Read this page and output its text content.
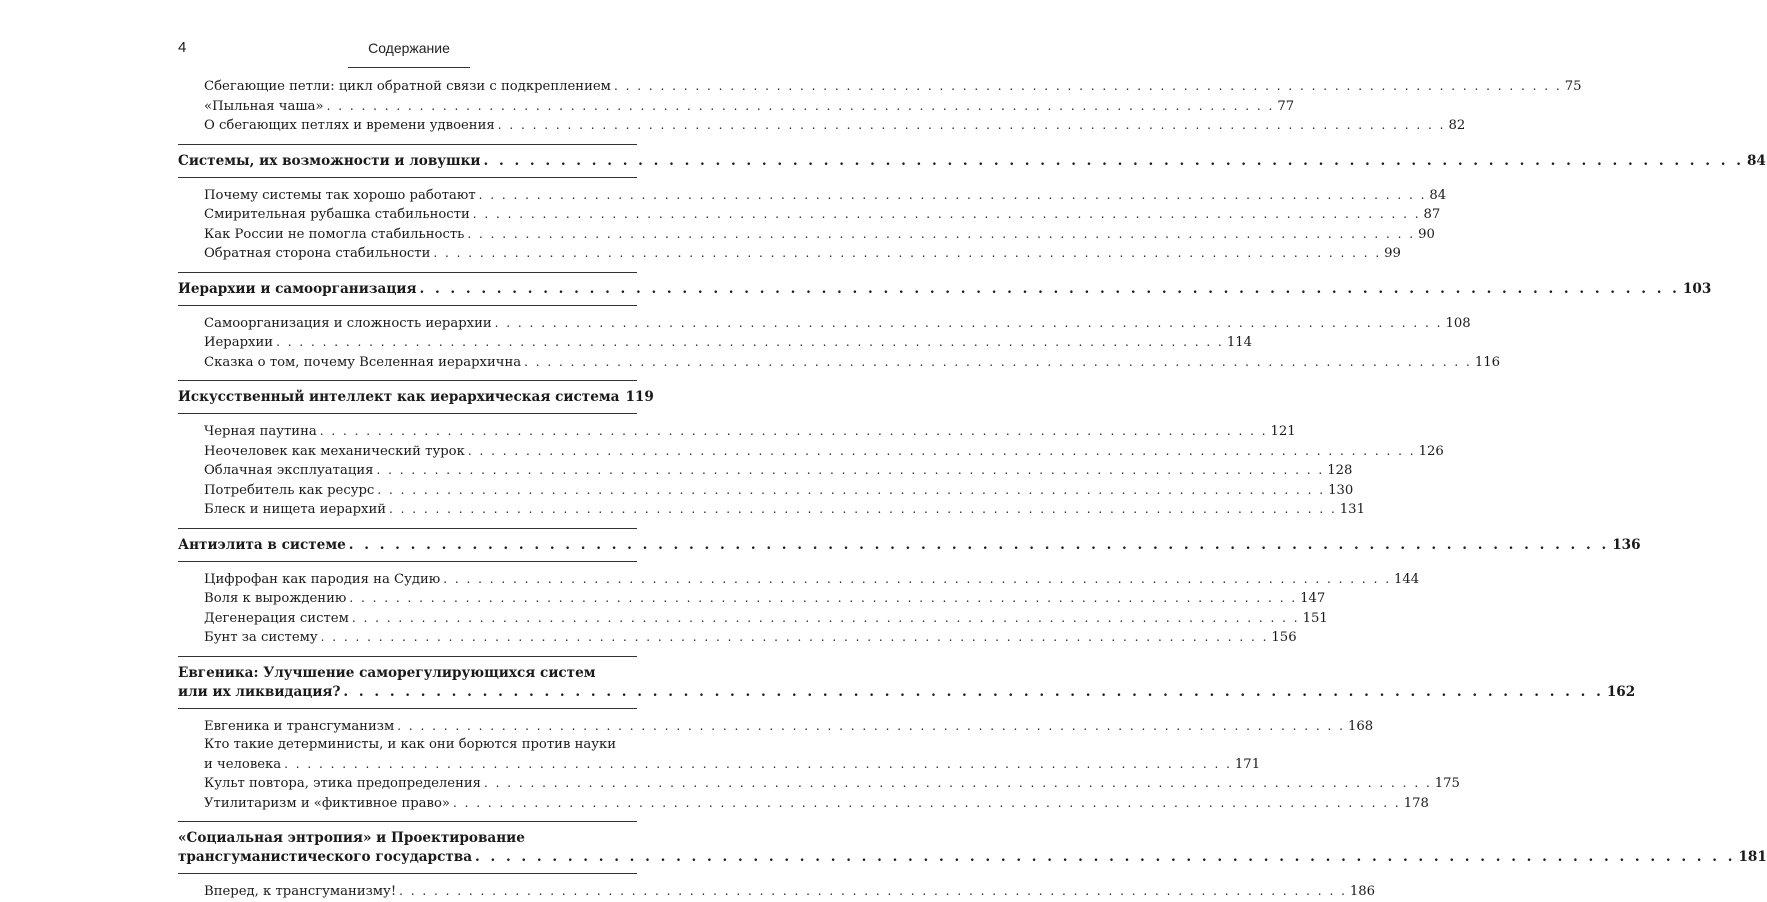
4	Содержание
Сбегающие петли: цикл обратной связи с подкреплением . . . . . . . . . . . . . . . . . . . . . . . . . . . . . . . . . . . . . . . . . . . . . . . . . . . . . . . . . . . . . . . . . . . . . . . . . . . . . . . . . . 75
«Пыльная чаша» . . . . . . . . . . . . . . . . . . . . . . . . . . . . . . . . . . . . . . . . . . . . . . . . . . . . . . . . . . . . . . . . . . . . . . . . . . . . . . . . . . 77
О сбегающих петлях и времени удвоения . . . . . . . . . . . . . . . . . . . . . . . . . . . . . . . . . . . . . . . . . . . . . . . . . . . . . . . . . . . . . . . . . . . . . . . . . . . . . . . . . . 82
Системы, их возможности и ловушки . . . . . . . . . . . . . . . . . . . . . . . . . . . . . . . . . . . . . . . . . . . . . . . . . . . . . . . . . . . . . . . . . . . . . . . . . . . . . . . . . . 84
Почему системы так хорошо работают . . . . . . . . . . . . . . . . . . . . . . . . . . . . . . . . . . . . . . . . . . . . . . . . . . . . . . . . . . . . . . . . . . . . . . . . . . . . . . . . . . 84
Смирительная рубашка стабильности . . . . . . . . . . . . . . . . . . . . . . . . . . . . . . . . . . . . . . . . . . . . . . . . . . . . . . . . . . . . . . . . . . . . . . . . . . . . . . . . . . 87
Как России не помогла стабильность . . . . . . . . . . . . . . . . . . . . . . . . . . . . . . . . . . . . . . . . . . . . . . . . . . . . . . . . . . . . . . . . . . . . . . . . . . . . . . . . . . 90
Обратная сторона стабильности . . . . . . . . . . . . . . . . . . . . . . . . . . . . . . . . . . . . . . . . . . . . . . . . . . . . . . . . . . . . . . . . . . . . . . . . . . . . . . . . . . 99
Иерархии и самоорганизация . . . . . . . . . . . . . . . . . . . . . . . . . . . . . . . . . . . . . . . . . . . . . . . . . . . . . . . . . . . . . . . . . . . . . . . . . . . . . . . . . . 103
Самоорганизация и сложность иерархии . . . . . . . . . . . . . . . . . . . . . . . . . . . . . . . . . . . . . . . . . . . . . . . . . . . . . . . . . . . . . . . . . . . . . . . . . . . . . . . . . . 108
Иерархии . . . . . . . . . . . . . . . . . . . . . . . . . . . . . . . . . . . . . . . . . . . . . . . . . . . . . . . . . . . . . . . . . . . . . . . . . . . . . . . . . . 114
Сказка о том, почему Вселенная иерархична . . . . . . . . . . . . . . . . . . . . . . . . . . . . . . . . . . . . . . . . . . . . . . . . . . . . . . . . . . . . . . . . . . . . . . . . . . . . . . . . . . 116
Искусственный интеллект как иерархическая система 119
Черная паутина . . . . . . . . . . . . . . . . . . . . . . . . . . . . . . . . . . . . . . . . . . . . . . . . . . . . . . . . . . . . . . . . . . . . . . . . . . . . . . . . . . 121
Неочеловек как механический турок . . . . . . . . . . . . . . . . . . . . . . . . . . . . . . . . . . . . . . . . . . . . . . . . . . . . . . . . . . . . . . . . . . . . . . . . . . . . . . . . . . 126
Облачная эксплуатация . . . . . . . . . . . . . . . . . . . . . . . . . . . . . . . . . . . . . . . . . . . . . . . . . . . . . . . . . . . . . . . . . . . . . . . . . . . . . . . . . . 128
Потребитель как ресурс . . . . . . . . . . . . . . . . . . . . . . . . . . . . . . . . . . . . . . . . . . . . . . . . . . . . . . . . . . . . . . . . . . . . . . . . . . . . . . . . . . 130
Блеск и нищета иерархий . . . . . . . . . . . . . . . . . . . . . . . . . . . . . . . . . . . . . . . . . . . . . . . . . . . . . . . . . . . . . . . . . . . . . . . . . . . . . . . . . . 131
Антиэлита в системе . . . . . . . . . . . . . . . . . . . . . . . . . . . . . . . . . . . . . . . . . . . . . . . . . . . . . . . . . . . . . . . . . . . . . . . . . . . . . . . . . . 136
Цифрофан как пародия на Судию . . . . . . . . . . . . . . . . . . . . . . . . . . . . . . . . . . . . . . . . . . . . . . . . . . . . . . . . . . . . . . . . . . . . . . . . . . . . . . . . . . 144
Воля к вырождению . . . . . . . . . . . . . . . . . . . . . . . . . . . . . . . . . . . . . . . . . . . . . . . . . . . . . . . . . . . . . . . . . . . . . . . . . . . . . . . . . . 147
Дегенерация систем . . . . . . . . . . . . . . . . . . . . . . . . . . . . . . . . . . . . . . . . . . . . . . . . . . . . . . . . . . . . . . . . . . . . . . . . . . . . . . . . . . 151
Бунт за систему . . . . . . . . . . . . . . . . . . . . . . . . . . . . . . . . . . . . . . . . . . . . . . . . . . . . . . . . . . . . . . . . . . . . . . . . . . . . . . . . . . 156
Евгеника: Улучшение саморегулирующихся систем
или их ликвидация? . . . . . . . . . . . . . . . . . . . . . . . . . . . . . . . . . . . . . . . . . . . . . . . . . . . . . . . . . . . . . . . . . . . . . . . . . . . . . . . . . . 162
Евгеника и трансгуманизм . . . . . . . . . . . . . . . . . . . . . . . . . . . . . . . . . . . . . . . . . . . . . . . . . . . . . . . . . . . . . . . . . . . . . . . . . . . . . . . . . . 168
Кто такие детерминисты, и как они борются против науки
и человека . . . . . . . . . . . . . . . . . . . . . . . . . . . . . . . . . . . . . . . . . . . . . . . . . . . . . . . . . . . . . . . . . . . . . . . . . . . . . . . . . . 171
Культ повтора, этика предопределения . . . . . . . . . . . . . . . . . . . . . . . . . . . . . . . . . . . . . . . . . . . . . . . . . . . . . . . . . . . . . . . . . . . . . . . . . . . . . . . . . . 175
Утилитаризм и «фиктивное право» . . . . . . . . . . . . . . . . . . . . . . . . . . . . . . . . . . . . . . . . . . . . . . . . . . . . . . . . . . . . . . . . . . . . . . . . . . . . . . . . . . 178
«Социальная энтропия» и Проектирование
трансгуманистического государства . . . . . . . . . . . . . . . . . . . . . . . . . . . . . . . . . . . . . . . . . . . . . . . . . . . . . . . . . . . . . . . . . . . . . . . . . . . . . . . . . . 181
Вперед, к трансгуманизму! . . . . . . . . . . . . . . . . . . . . . . . . . . . . . . . . . . . . . . . . . . . . . . . . . . . . . . . . . . . . . . . . . . . . . . . . . . . . . . . . . . 186
